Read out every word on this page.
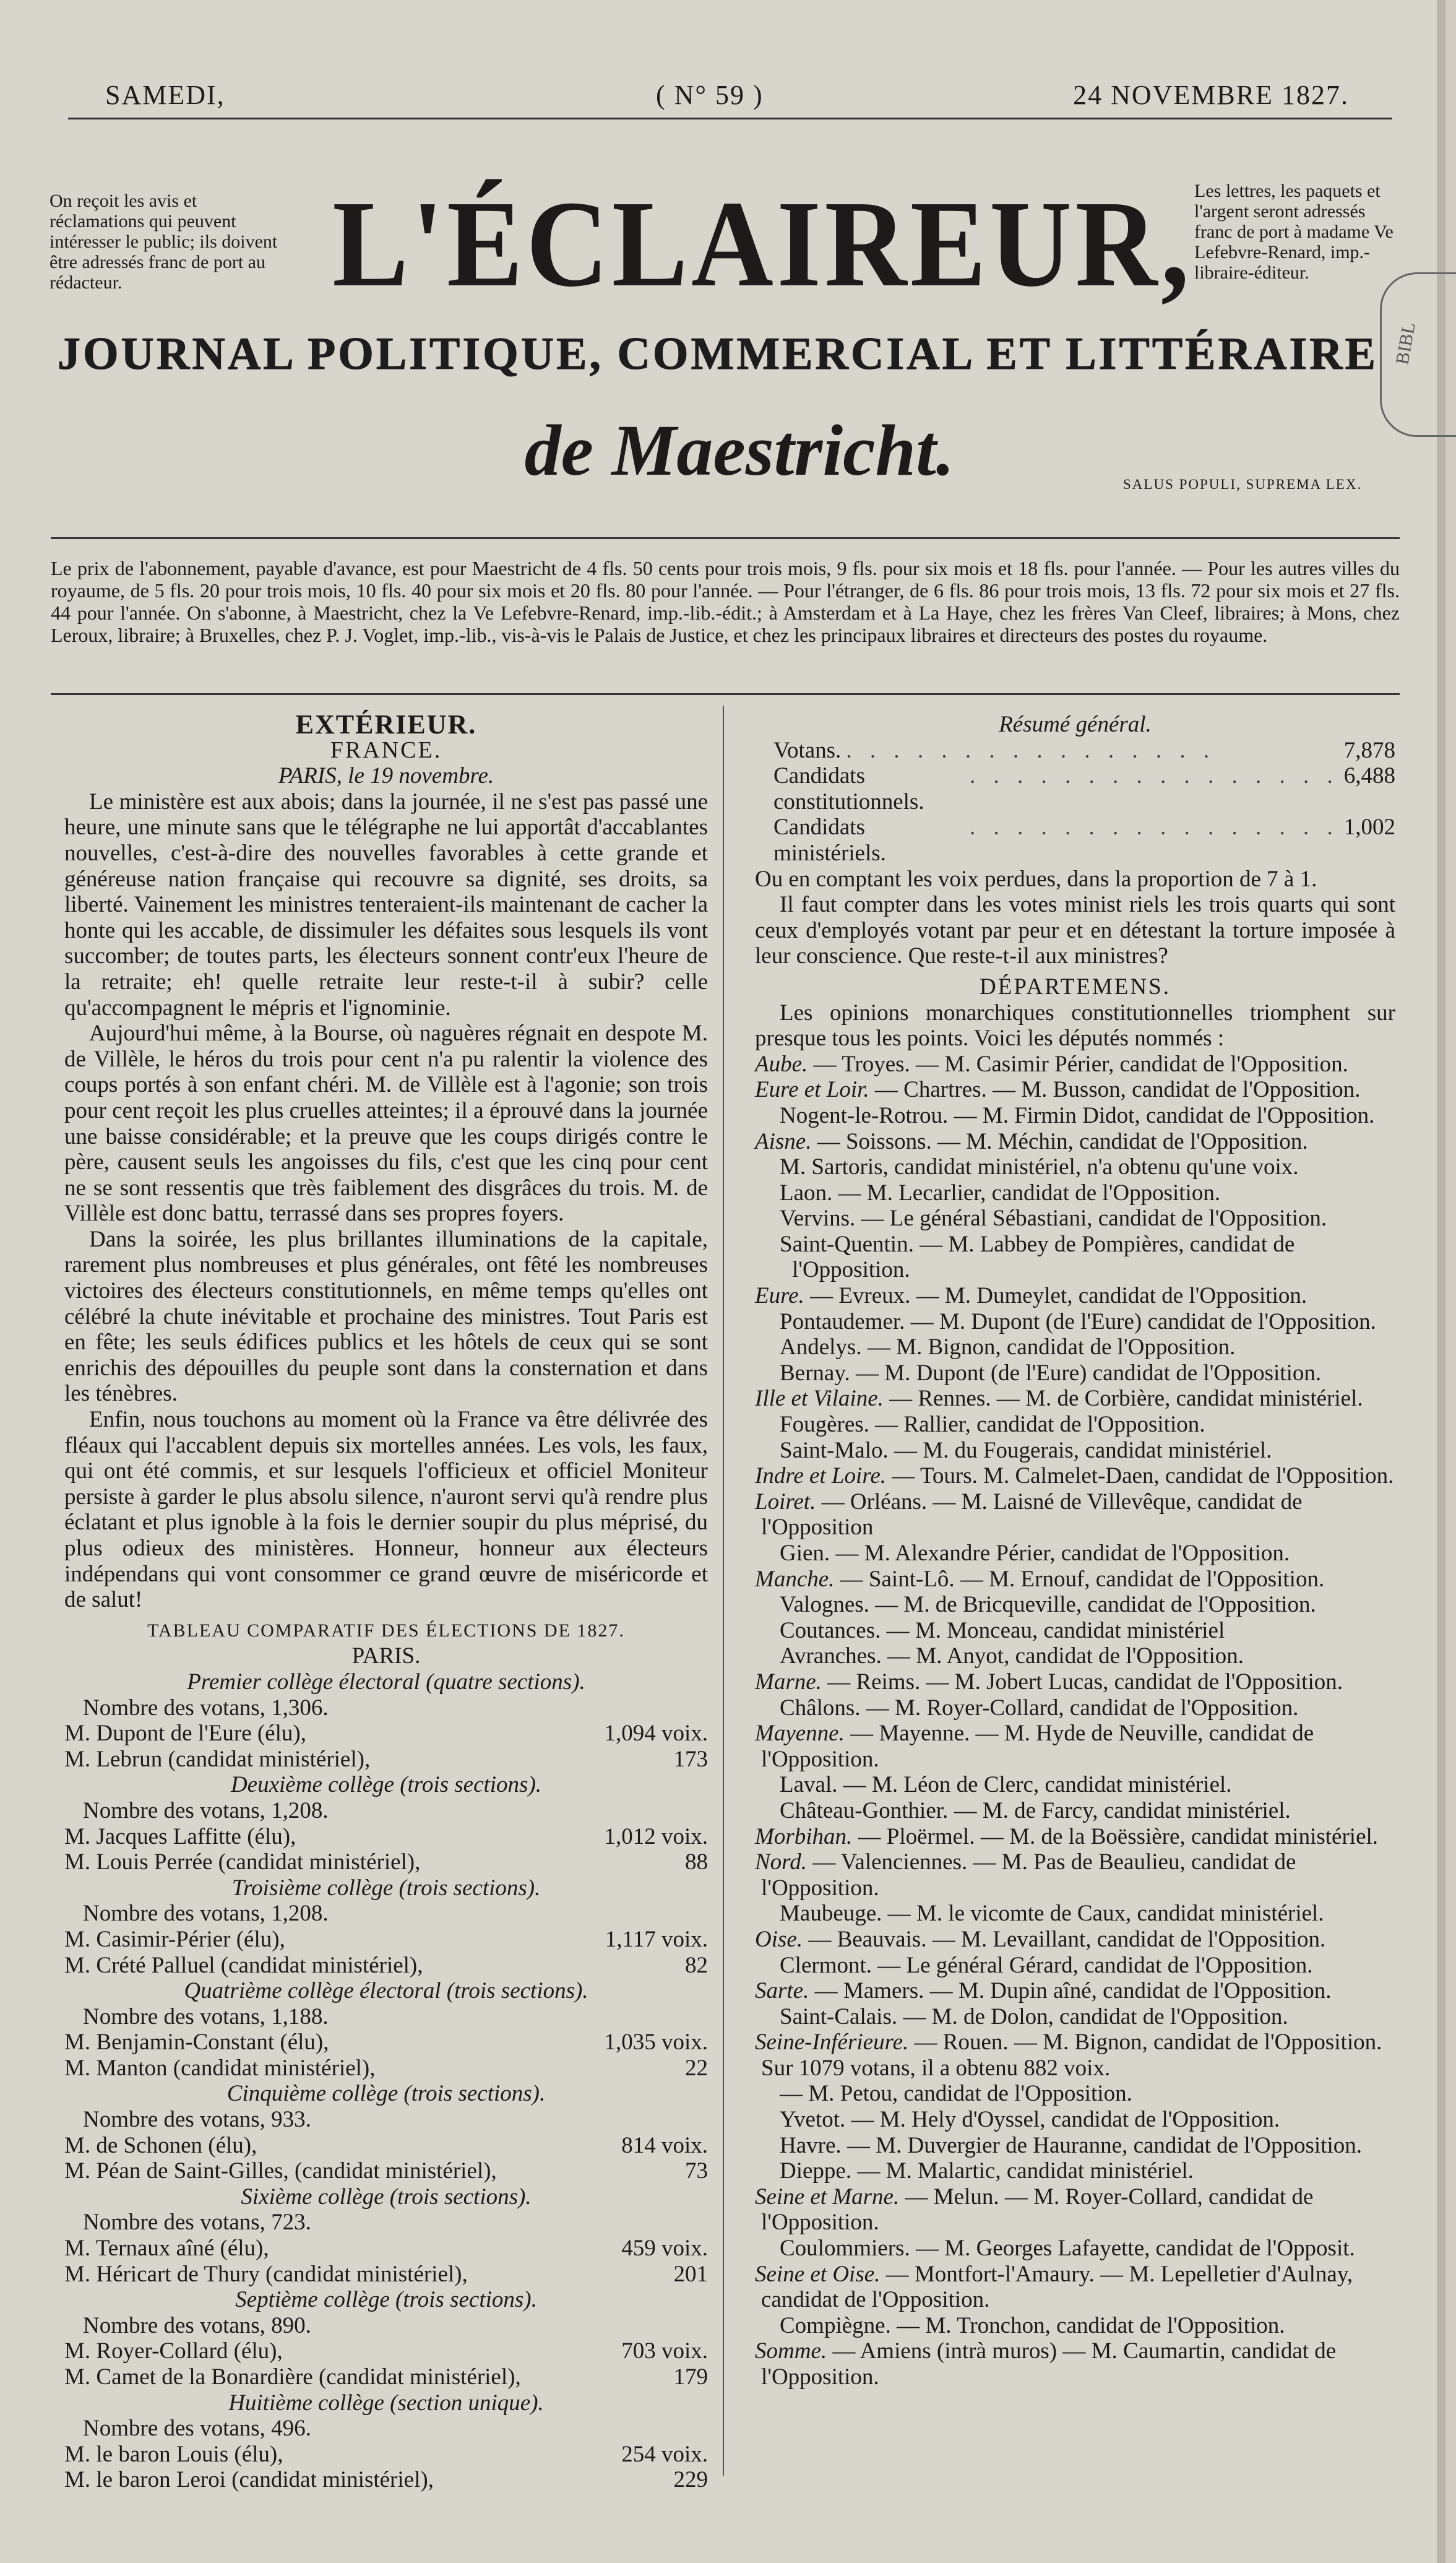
SAMEDI,	( N° 59 )	24 NOVEMBRE 1827.
On reçoit les avis et réclamations qui peuvent intéresser le public; ils doivent être adressés franc de port au rédacteur.
Les lettres, les paquets et l'argent seront adressés franc de port à madame Ve Lefebvre-Renard, imp.-libraire-éditeur.
L'ÉCLAIREUR,
JOURNAL POLITIQUE, COMMERCIAL ET LITTÉRAIRE
de Maestricht.	SALUS POPULI, SUPREMA LEX.
BIBL
Le prix de l'abonnement, payable d'avance, est pour Maestricht de 4 fls. 50 cents pour trois mois, 9 fls. pour six mois et 18 fls. pour l'année. — Pour les autres villes du royaume, de 5 fls. 20 pour trois mois, 10 fls. 40 pour six mois et 20 fls. 80 pour l'année. — Pour l'étranger, de 6 fls. 86 pour trois mois, 13 fls. 72 pour six mois et 27 fls. 44 pour l'année. On s'abonne, à Maestricht, chez la Ve Lefebvre-Renard, imp.-lib.-édit.; à Amsterdam et à La Haye, chez les frères Van Cleef, libraires; à Mons, chez Leroux, libraire; à Bruxelles, chez P. J. Voglet, imp.-lib., vis-à-vis le Palais de Justice, et chez les principaux libraires et directeurs des postes du royaume.
EXTÉRIEUR.
FRANCE.
PARIS, le 19 novembre.

Le ministère est aux abois; dans la journée, il ne s'est pas passé une heure, une minute sans que le télégraphe ne lui apportât d'accablantes nouvelles, c'est-à-dire des nouvelles favorables à cette grande et généreuse nation française qui recouvre sa dignité, ses droits, sa liberté. Vainement les ministres tenteraient-ils maintenant de cacher la honte qui les accable, de dissimuler les défaites sous lesquels ils vont succomber; de toutes parts, les électeurs sonnent contr'eux l'heure de la retraite; eh! quelle retraite leur reste-t-il à subir? celle qu'accompagnent le mépris et l'ignominie.

Aujourd'hui même, à la Bourse, où naguères régnait en despote M. de Villèle, le héros du trois pour cent n'a pu ralentir la violence des coups portés à son enfant chéri. M. de Villèle est à l'agonie; son trois pour cent reçoit les plus cruelles atteintes; il a éprouvé dans la journée une baisse considérable; et la preuve que les coups dirigés contre le père, causent seuls les angoisses du fils, c'est que les cinq pour cent ne se sont ressentis que très faiblement des disgrâces du trois. M. de Villèle est donc battu, terrassé dans ses propres foyers.

Dans la soirée, les plus brillantes illuminations de la capitale, rarement plus nombreuses et plus générales, ont fêté les nombreuses victoires des électeurs constitutionnels, en même temps qu'elles ont célébré la chute inévitable et prochaine des ministres. Tout Paris est en fête; les seuls édifices publics et les hôtels de ceux qui se sont enrichis des dépouilles du peuple sont dans la consternation et dans les ténèbres.

Enfin, nous touchons au moment où la France va être délivrée des fléaux qui l'accablent depuis six mortelles années. Les vols, les faux, qui ont été commis, et sur lesquels l'officieux et officiel Moniteur persiste à garder le plus absolu silence, n'auront servi qu'à rendre plus éclatant et plus ignoble à la fois le dernier soupir du plus méprisé, du plus odieux des ministères. Honneur, honneur aux électeurs indépendans qui vont consommer ce grand œuvre de miséricorde et de salut!

TABLEAU COMPARATIF DES ÉLECTIONS DE 1827.
PARIS.
Premier collège électoral (quatre sections).
Nombre des votans, 1,306.
M. Dupont de l'Eure (élu),	1,094 voix.
M. Lebrun (candidat ministériel),	173
Deuxième collège (trois sections).
Nombre des votans, 1,208.
M. Jacques Laffitte (élu),	1,012 voix.
M. Louis Perrée (candidat ministériel),	88
Troisième collège (trois sections).
Nombre des votans, 1,208.
M. Casimir-Périer (élu),	1,117 voix.
M. Crété Palluel (candidat ministériel),	82
Quatrième collège électoral (trois sections).
Nombre des votans, 1,188.
M. Benjamin-Constant (élu),	1,035 voix.
M. Manton (candidat ministériel),	22
Cinquième collège (trois sections).
Nombre des votans, 933.
M. de Schonen (élu),	814 voix.
M. Péan de Saint-Gilles, (candidat ministériel),	73
Sixième collège (trois sections).
Nombre des votans, 723.
M. Ternaux aîné (élu),	459 voix.
M. Héricart de Thury (candidat ministériel),	201
Septième collège (trois sections).
Nombre des votans, 890.
M. Royer-Collard (élu),	703 voix.
M. Camet de la Bonardière (candidat ministériel),	179
Huitième collège (section unique).
Nombre des votans, 496.
M. le baron Louis (élu),	254 voix.
M. le baron Leroi (candidat ministériel),	229
Résumé général.
Votans. . . . . . . . . . . . . . . . .	7,878
Candidats constitutionnels.
. . . . . . . . . . . . . . . . 6,488
Candidats ministériels.
. . . . . . . . . . . . . . . . 1,002

Ou en comptant les voix perdues, dans la proportion de 7 à 1.

Il faut compter dans les votes minist riels les trois quarts qui sont ceux d'employés votant par peur et en détestant la torture imposée à leur conscience. Que reste-t-il aux ministres?

DÉPARTEMENS.

Les opinions monarchiques constitutionnelles triomphent sur presque tous les points. Voici les députés nommés :

Aube. — Troyes. — M. Casimir Périer, candidat de l'Opposition.
Eure et Loir. — Chartres. — M. Busson, candidat de l'Opposition.
Nogent-le-Rotrou. — M. Firmin Didot, candidat de l'Opposition.
Aisne. — Soissons. — M. Méchin, candidat de l'Opposition.
M. Sartoris, candidat ministériel, n'a obtenu qu'une voix.
Laon. — M. Lecarlier, candidat de l'Opposition.
Vervins. — Le général Sébastiani, candidat de l'Opposition.
Saint-Quentin. — M. Labbey de Pompières, candidat de l'Opposition.
Eure. — Evreux. — M. Dumeylet, candidat de l'Opposition.
Pontaudemer. — M. Dupont (de l'Eure) candidat de l'Opposition.
Andelys. — M. Bignon, candidat de l'Opposition.
Bernay. — M. Dupont (de l'Eure) candidat de l'Opposition.
Ille et Vilaine. — Rennes. — M. de Corbière, candidat ministériel.
Fougères. — Rallier, candidat de l'Opposition.
Saint-Malo. — M. du Fougerais, candidat ministériel.
Indre et Loire. — Tours. M. Calmelet-Daen, candidat de l'Opposition.
Loiret. — Orléans. — M. Laisné de Villevêque, candidat de l'Opposition
Gien. — M. Alexandre Périer, candidat de l'Opposition.
Manche. — Saint-Lô. — M. Ernouf, candidat de l'Opposition.
Valognes. — M. de Bricqueville, candidat de l'Opposition.
Coutances. — M. Monceau, candidat ministériel
Avranches. — M. Anyot, candidat de l'Opposition.
Marne. — Reims. — M. Jobert Lucas, candidat de l'Opposition.
Châlons. — M. Royer-Collard, candidat de l'Opposition.
Mayenne. — Mayenne. — M. Hyde de Neuville, candidat de l'Opposition.
Laval. — M. Léon de Clerc, candidat ministériel.
Château-Gonthier. — M. de Farcy, candidat ministériel.
Morbihan. — Ploërmel. — M. de la Boëssière, candidat ministériel.
Nord. — Valenciennes. — M. Pas de Beaulieu, candidat de l'Opposition.
Maubeuge. — M. le vicomte de Caux, candidat ministériel.
Oise. — Beauvais. — M. Levaillant, candidat de l'Opposition.
Clermont. — Le général Gérard, candidat de l'Opposition.
Sarte. — Mamers. — M. Dupin aîné, candidat de l'Opposition.
Saint-Calais. — M. de Dolon, candidat de l'Opposition.
Seine-Inférieure. — Rouen. — M. Bignon, candidat de l'Opposition. Sur 1079 votans, il a obtenu 882 voix.
— M. Petou, candidat de l'Opposition.
Yvetot. — M. Hely d'Oyssel, candidat de l'Opposition.
Havre. — M. Duvergier de Hauranne, candidat de l'Opposition.
Dieppe. — M. Malartic, candidat ministériel.
Seine et Marne. — Melun. — M. Royer-Collard, candidat de l'Opposition.
Coulommiers. — M. Georges Lafayette, candidat de l'Opposit.
Seine et Oise. — Montfort-l'Amaury. — M. Lepelletier d'Aulnay, candidat de l'Opposition.
Compiègne. — M. Tronchon, candidat de l'Opposition.
Somme. — Amiens (intrà muros) — M. Caumartin, candidat de l'Opposition.
